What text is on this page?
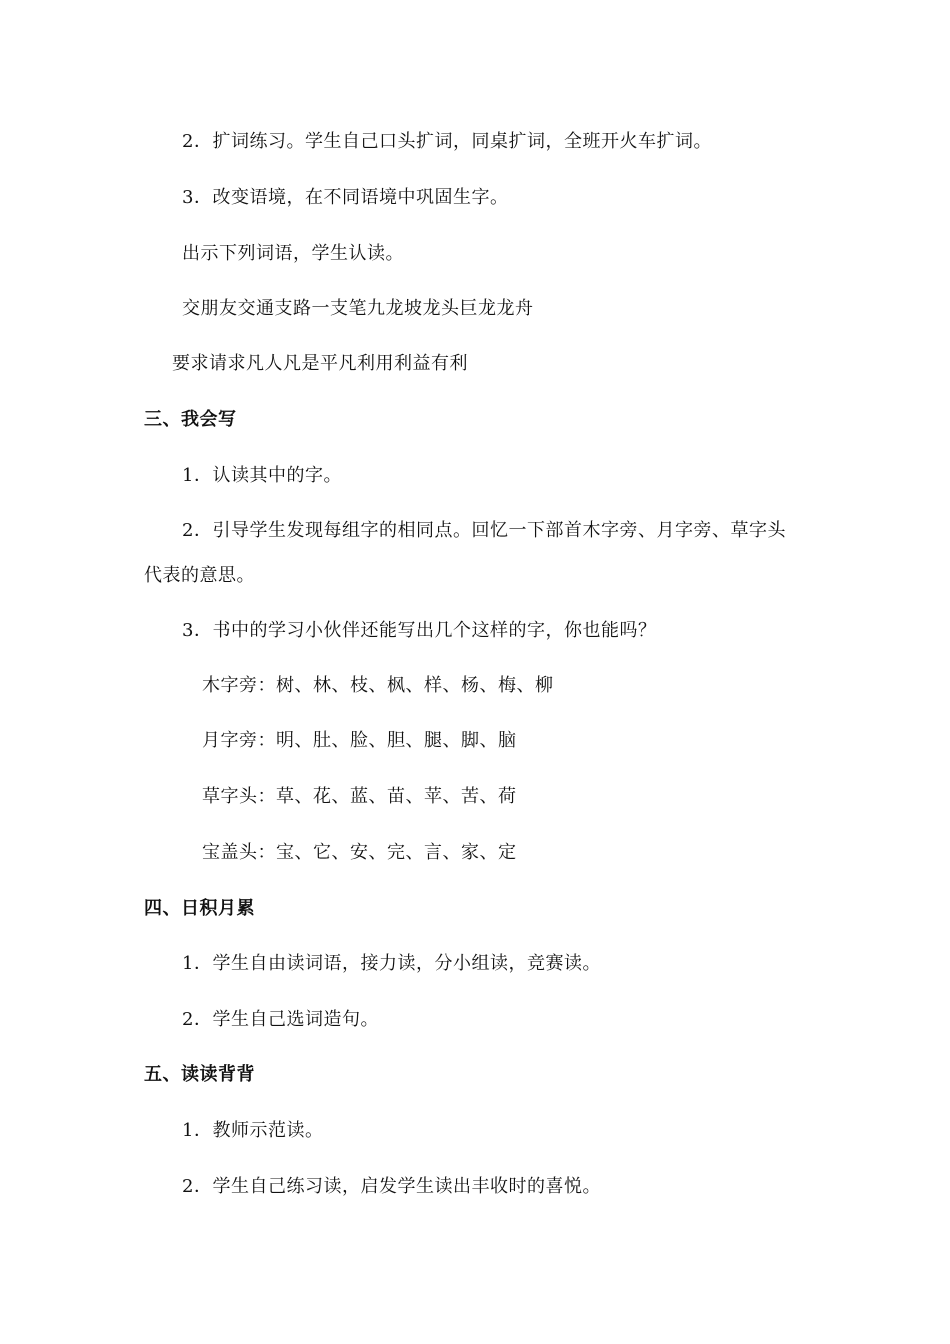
2．扩词练习。学生自己口头扩词，同桌扩词，全班开火车扩词。
3．改变语境，在不同语境中巩固生字。
出示下列词语，学生认读。
交朋友交通支路一支笔九龙坡龙头巨龙龙舟
要求请求凡人凡是平凡利用利益有利
三、我会写
1．认读其中的字。
2．引导学生发现每组字的相同点。回忆一下部首木字旁、月字旁、草字头
代表的意思。
3．书中的学习小伙伴还能写出几个这样的字，你也能吗？
木字旁：树、林、枝、枫、样、杨、梅、柳
月字旁：明、肚、脸、胆、腿、脚、脑
草字头：草、花、蓝、苗、苹、苦、荷
宝盖头：宝、它、安、完、言、家、定
四、日积月累
1．学生自由读词语，接力读，分小组读，竞赛读。
2．学生自己选词造句。
五、读读背背
1．教师示范读。
2．学生自己练习读，启发学生读出丰收时的喜悦。
